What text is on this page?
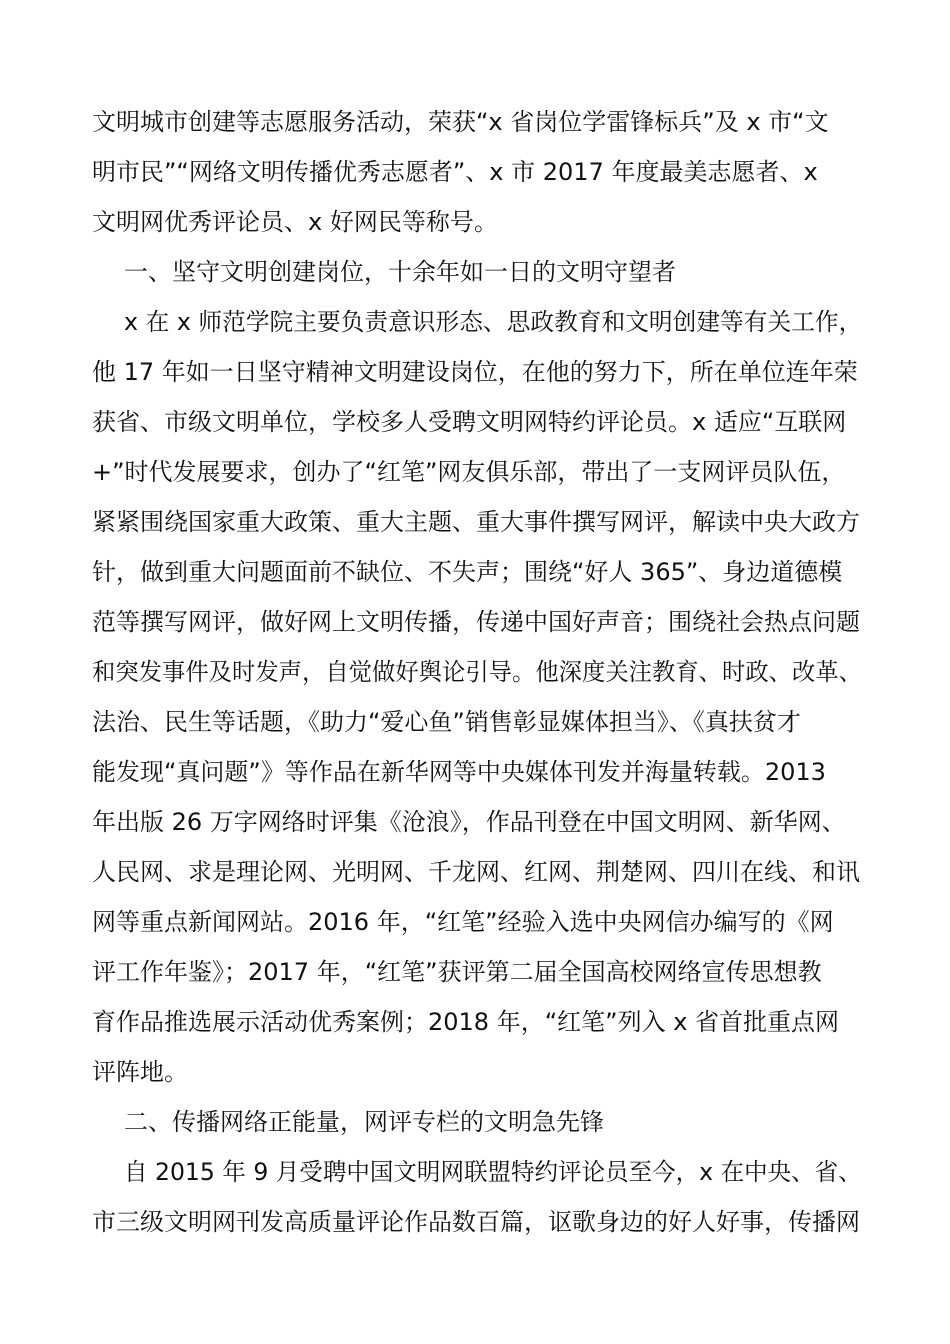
文明城市创建等志愿服务活动，荣获“x 省岗位学雷锋标兵”及 x 市“文
明市民”“网络文明传播优秀志愿者”、x 市 2017 年度最美志愿者、x
文明网优秀评论员、x 好网民等称号。
一、坚守文明创建岗位，十余年如一日的文明守望者
x 在 x 师范学院主要负责意识形态、思政教育和文明创建等有关工作，
他 17 年如一日坚守精神文明建设岗位，在他的努力下，所在单位连年荣
获省、市级文明单位，学校多人受聘文明网特约评论员。x 适应“互联网
+”时代发展要求，创办了“红笔”网友俱乐部，带出了一支网评员队伍，
紧紧围绕国家重大政策、重大主题、重大事件撰写网评，解读中央大政方
针，做到重大问题面前不缺位、不失声；围绕“好人 365”、身边道德模
范等撰写网评，做好网上文明传播，传递中国好声音；围绕社会热点问题
和突发事件及时发声，自觉做好舆论引导。他深度关注教育、时政、改革、
法治、民生等话题，《助力“爱心鱼”销售彰显媒体担当》、《真扶贫才
能发现“真问题”》等作品在新华网等中央媒体刊发并海量转载。2013
年出版 26 万字网络时评集《沧浪》，作品刊登在中国文明网、新华网、
人民网、求是理论网、光明网、千龙网、红网、荆楚网、四川在线、和讯
网等重点新闻网站。2016 年，“红笔”经验入选中央网信办编写的《网
评工作年鉴》；2017 年，“红笔”获评第二届全国高校网络宣传思想教
育作品推选展示活动优秀案例；2018 年，“红笔”列入 x 省首批重点网
评阵地。
二、传播网络正能量，网评专栏的文明急先锋
自 2015 年 9 月受聘中国文明网联盟特约评论员至今，x 在中央、省、
市三级文明网刊发高质量评论作品数百篇，讴歌身边的好人好事，传播网
